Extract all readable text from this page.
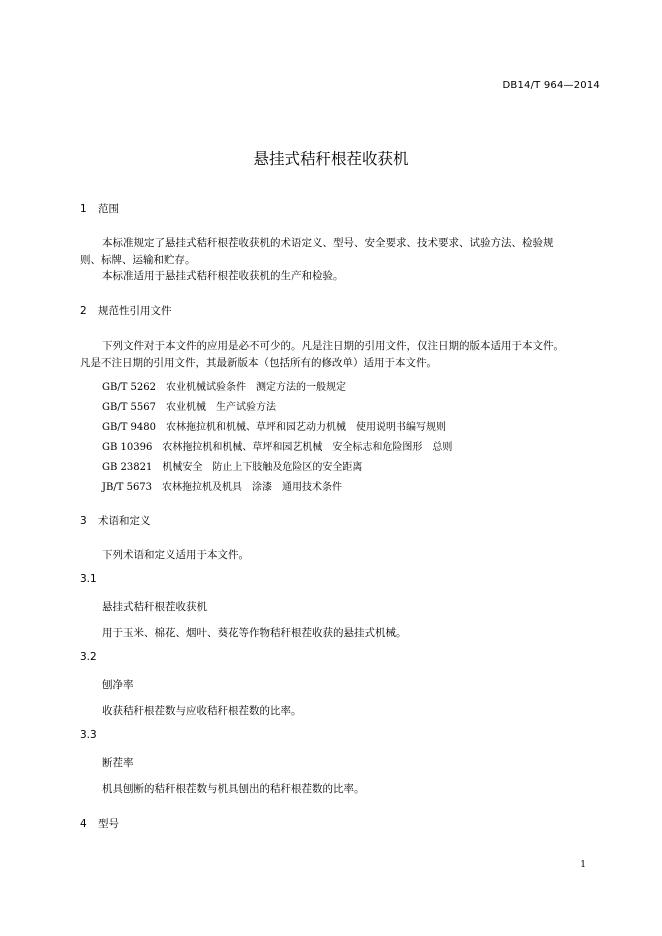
DB14/T 964—2014
悬挂式秸秆根茬收获机
1 范围
本标准规定了悬挂式秸秆根茬收获机的术语定义、型号、安全要求、技术要求、试验方法、检验规
则、标牌、运输和贮存。
本标准适用于悬挂式秸秆根茬收获机的生产和检验。
2 规范性引用文件
下列文件对于本文件的应用是必不可少的。凡是注日期的引用文件，仅注日期的版本适用于本文件。
凡是不注日期的引用文件，其最新版本（包括所有的修改单）适用于本文件。
GB/T 5262 农业机械试验条件　测定方法的一般规定
GB/T 5567 农业机械　生产试验方法
GB/T 9480 农林拖拉机和机械、草坪和园艺动力机械　使用说明书编写规则
GB 10396 农林拖拉机和机械、草坪和园艺机械　安全标志和危险图形　总则
GB 23821 机械安全　防止上下肢触及危险区的安全距离
JB/T 5673 农林拖拉机及机具　涂漆　通用技术条件
3 术语和定义
下列术语和定义适用于本文件。
3.1
悬挂式秸秆根茬收获机
用于玉米、棉花、烟叶、葵花等作物秸秆根茬收获的悬挂式机械。
3.2
刨净率
收获秸秆根茬数与应收秸秆根茬数的比率。
3.3
断茬率
机具刨断的秸秆根茬数与机具刨出的秸秆根茬数的比率。
4 型号
1
